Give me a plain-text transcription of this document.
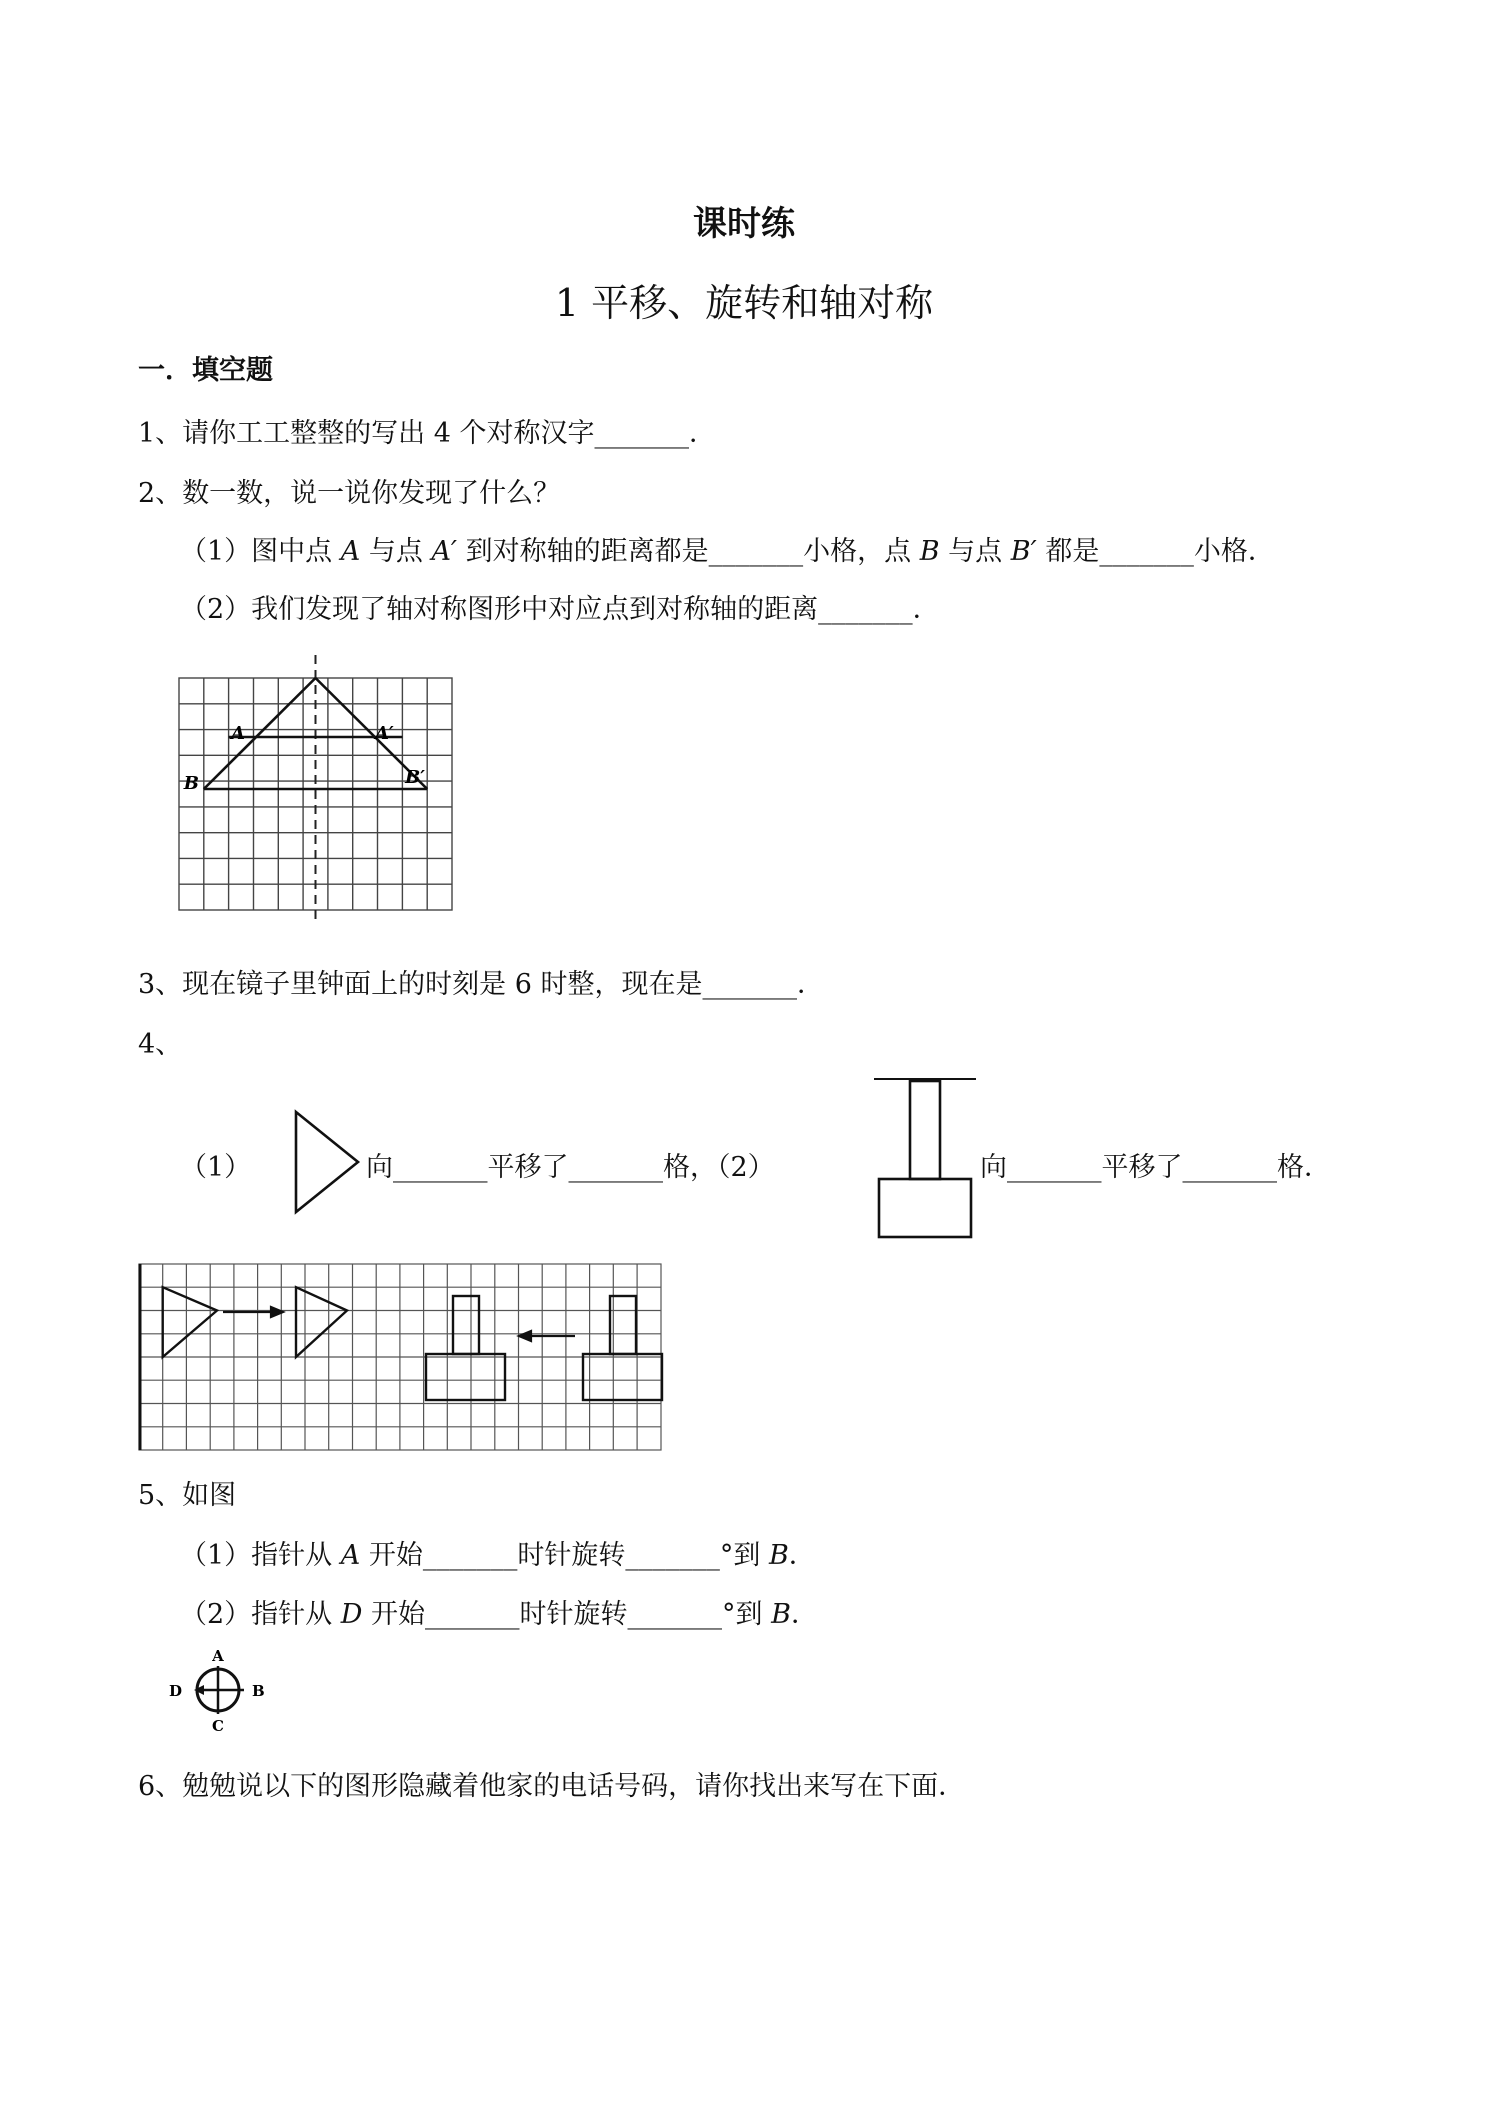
课时练
1 平移、旋转和轴对称
一．填空题
1、请你工工整整的写出 4 个对称汉字_______．
2、数一数，说一说你发现了什么？
（1）图中点 A 与点 A′ 到对称轴的距离都是_______小格，点 B 与点 B′ 都是_______小格．
（2）我们发现了轴对称图形中对应点到对称轴的距离_______．
A	A′
B	B′
3、现在镜子里钟面上的时刻是 6 时整，现在是_______．
4、
（1）	向_______平移了_______格，（2）	向_______平移了_______格．
5、如图
（1）指针从 A 开始_______时针旋转_______°到 B．
（2）指针从 D 开始_______时针旋转_______°到 B．
A
B
C
D
6、勉勉说以下的图形隐藏着他家的电话号码，请你找出来写在下面．
